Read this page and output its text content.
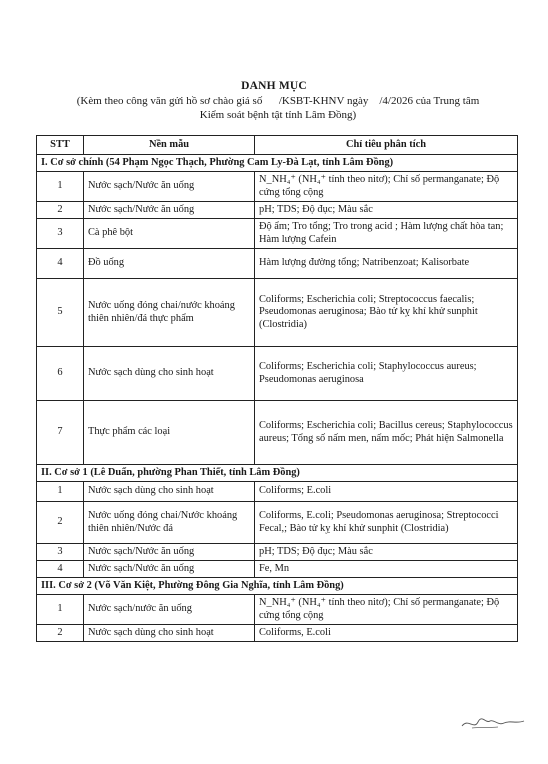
DANH MỤC
(Kèm theo công văn gửi hồ sơ chào giá số      /KSBT-KHNV ngày    /4/2026 của Trung tâm
Kiểm soát bệnh tật tỉnh Lâm Đồng)
STT	Nền mẫu	Chỉ tiêu phân tích
I. Cơ sở chính (54 Phạm Ngọc Thạch, Phường Cam Ly-Đà Lạt, tỉnh Lâm Đồng)		
1	Nước sạch/Nước ăn uống	N_NH₄⁺ (NH₄⁺ tính theo nitơ); Chỉ số permanganate; Độ cứng tổng cộng
2	Nước sạch/Nước ăn uống	pH; TDS; Độ đục; Màu sắc
3	Cà phê bột	Độ ẩm; Tro tổng; Tro trong acid ; Hàm lượng chất hòa tan; Hàm lượng Cafein
4	Đồ uống	Hàm lượng đường tổng; Natribenzoat; Kalisorbate
5	Nước uống đóng chai/nước khoáng thiên nhiên/đá thực phẩm	Coliforms; Escherichia coli; Streptococcus faecalis; Pseudomonas aeruginosa; Bào tử kỵ khí khử sunphit (Clostridia)
6	Nước sạch dùng cho sinh hoạt	Coliforms; Escherichia coli; Staphylococcus aureus; Pseudomonas aeruginosa
7	Thực phẩm các loại	Coliforms; Escherichia coli; Bacillus cereus; Staphylococcus aureus; Tổng số nấm men, nấm mốc; Phát hiện Salmonella
II. Cơ sở 1 (Lê Duẩn, phường Phan Thiết, tỉnh Lâm Đồng)		
1	Nước sạch dùng cho sinh hoạt	Coliforms; E.coli
2	Nước uống đóng chai/Nước khoáng thiên nhiên/Nước đá	Coliforms, E.coli; Pseudomonas aeruginosa; Streptococci Fecal,; Bào tử kỵ khí khử sunphit (Clostridia)
3	Nước sạch/Nước ăn uống	pH; TDS; Độ đục; Màu sắc
4	Nước sạch/Nước ăn uống	Fe, Mn
III. Cơ sở 2 (Võ Văn Kiệt, Phường Đông Gia Nghĩa, tỉnh Lâm Đồng)		
1	Nước sạch/nước ăn uống	N_NH₄⁺ (NH₄⁺ tính theo nitơ); Chỉ số permanganate; Độ cứng tổng cộng
2	Nước sạch dùng cho sinh hoạt	Coliforms, E.coli
